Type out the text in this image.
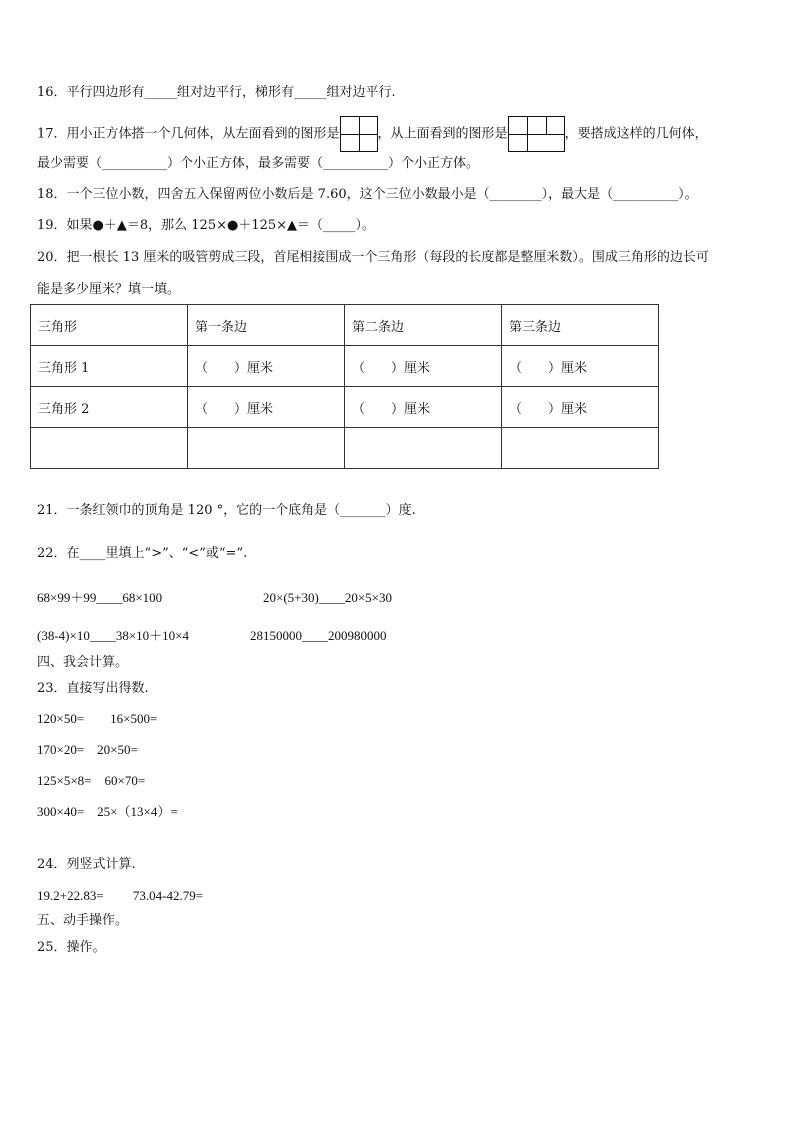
16．平行四边形有_____组对边平行，梯形有_____组对边平行.
17．用小正方体搭一个几何体，从左面看到的图形是	，从上面看到的图形是	，要搭成这样的几何体，
最少需要（__________）个小正方体，最多需要（__________）个小正方体。
18．一个三位小数，四舍五入保留两位小数后是 7.60，这个三位小数最小是（________），最大是（__________）。
19．如果●＋▲＝8，那么 125×●＋125×▲＝（_____）。
20．把一根长 13 厘米的吸管剪成三段，首尾相接围成一个三角形（每段的长度都是整厘米数）。围成三角形的边长可
能是多少厘米？填一填。
三角形	第一条边	第二条边	第三条边
三角形 1	（　　）厘米	（　　）厘米	（　　）厘米
三角形 2	（　　）厘米	（　　）厘米	（　　）厘米

21．一条红领巾的顶角是 120 °，它的一个底角是（_______）度.
22．在____里填上“>”、“<”或“=”.
68×99＋99____68×100	20×(5+30)____20×5×30
(38-4)×10____38×10＋10×4	28150000____200980000
四、我会计算。
23．直接写出得数.
120×50=　　16×500=
170×20=　20×50=
125×5×8=　60×70=
300×40=　25×（13×4）=
24．列竖式计算.
19.2+22.83=　　 73.04-42.79=
五、动手操作。
25．操作。
